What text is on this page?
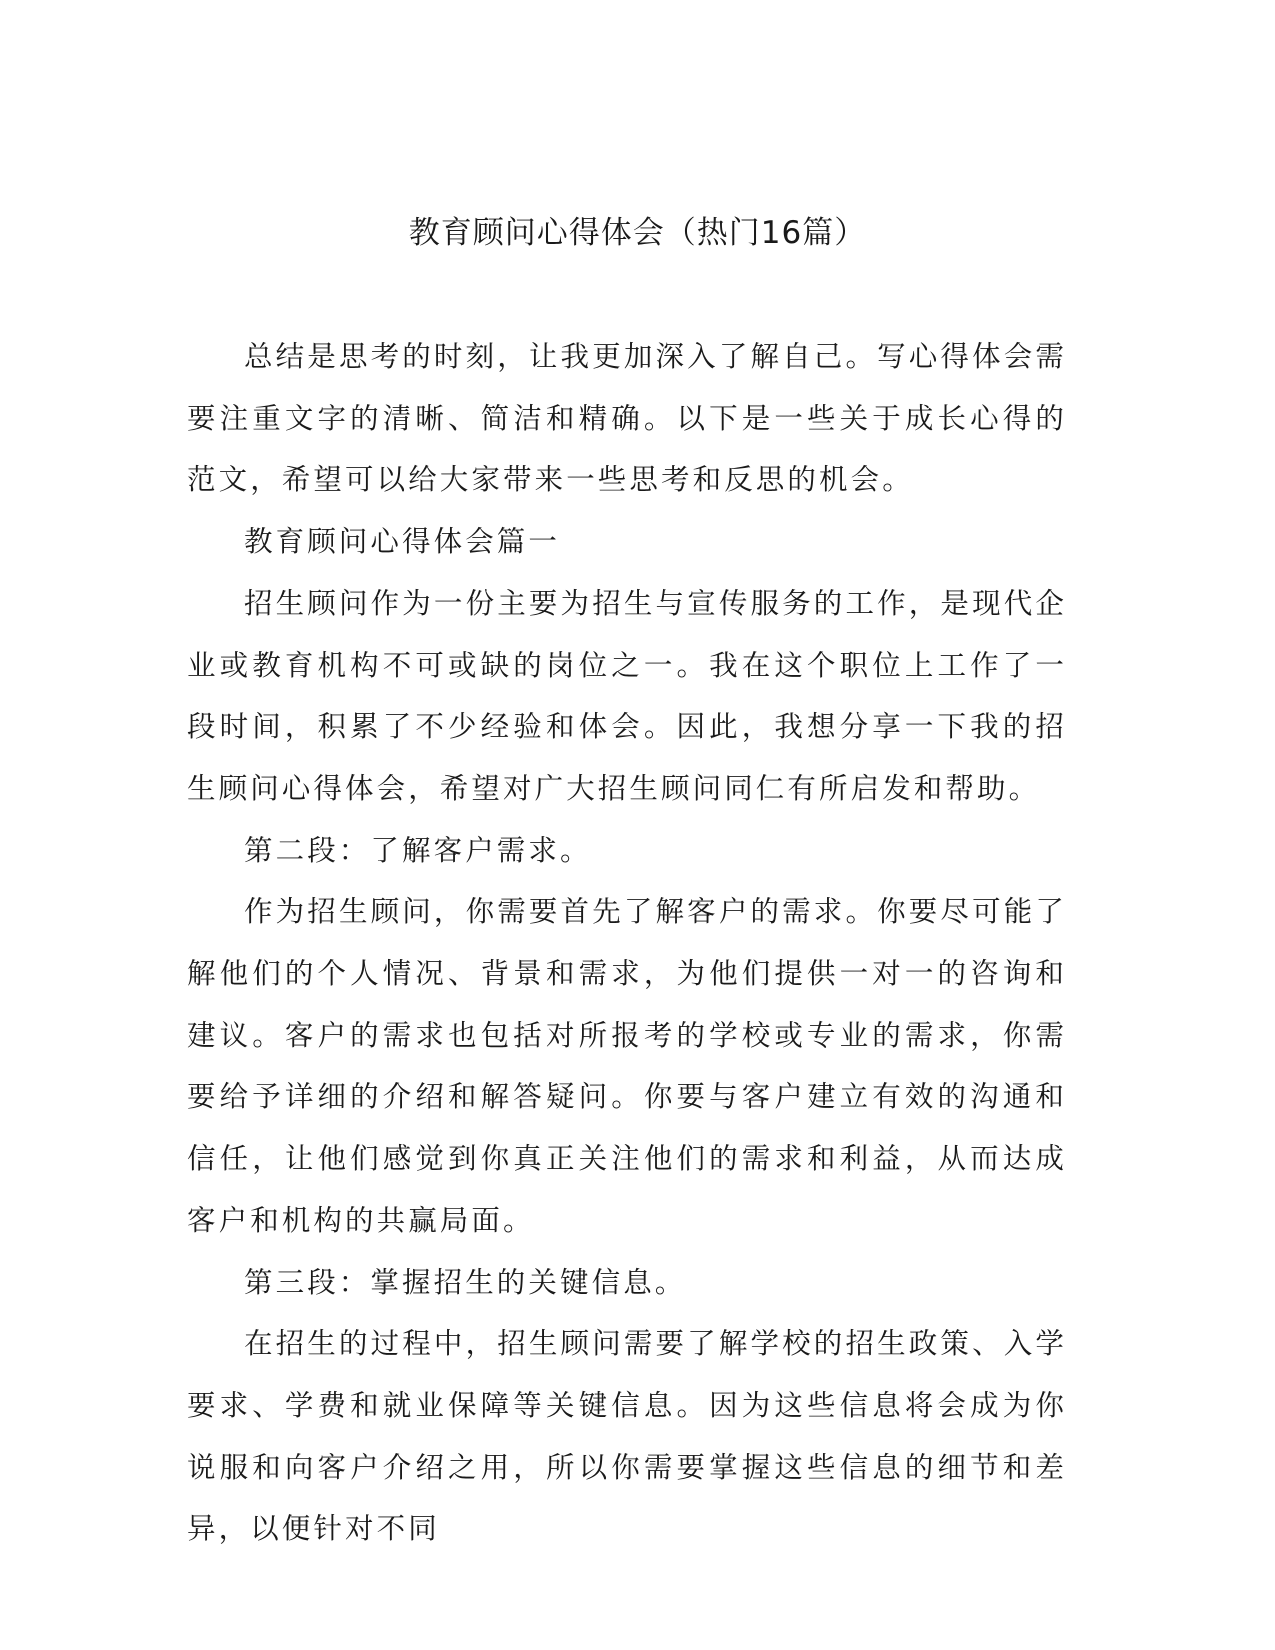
教育顾问心得体会（热门16篇）

总结是思考的时刻，让我更加深入了解自己。写心得体会需要注重文字的清晰、简洁和精确。以下是一些关于成长心得的范文，希望可以给大家带来一些思考和反思的机会。

教育顾问心得体会篇一

招生顾问作为一份主要为招生与宣传服务的工作，是现代企业或教育机构不可或缺的岗位之一。我在这个职位上工作了一段时间，积累了不少经验和体会。因此，我想分享一下我的招生顾问心得体会，希望对广大招生顾问同仁有所启发和帮助。

第二段：了解客户需求。

作为招生顾问，你需要首先了解客户的需求。你要尽可能了解他们的个人情况、背景和需求，为他们提供一对一的咨询和建议。客户的需求也包括对所报考的学校或专业的需求，你需要给予详细的介绍和解答疑问。你要与客户建立有效的沟通和信任，让他们感觉到你真正关注他们的需求和利益，从而达成客户和机构的共赢局面。

第三段：掌握招生的关键信息。

在招生的过程中，招生顾问需要了解学校的招生政策、入学要求、学费和就业保障等关键信息。因为这些信息将会成为你说服和向客户介绍之用，所以你需要掌握这些信息的细节和差异，以便针对不同
